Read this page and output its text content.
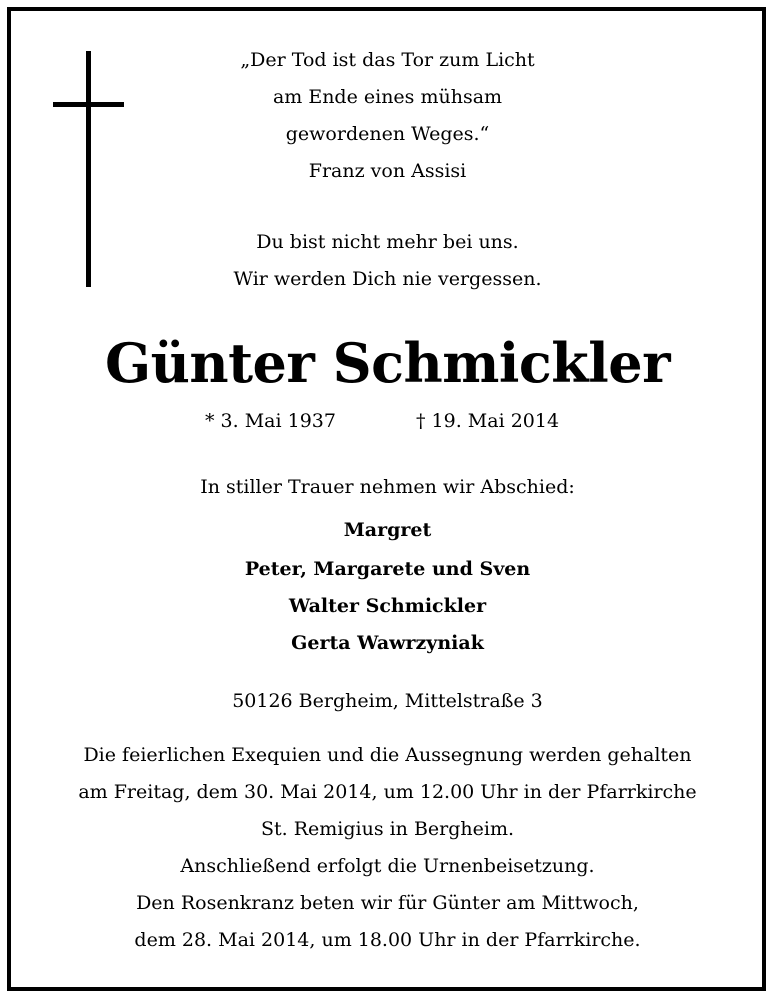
„Der Tod ist das Tor zum Licht
am Ende eines mühsam
gewordenen Weges.“
Franz von Assisi
Du bist nicht mehr bei uns.
Wir werden Dich nie vergessen.
Günter Schmickler
* 3. Mai 1937	† 19. Mai 2014
In stiller Trauer nehmen wir Abschied:
Margret
Peter, Margarete und Sven
Walter Schmickler
Gerta Wawrzyniak
50126 Bergheim, Mittelstraße 3
Die feierlichen Exequien und die Aussegnung werden gehalten
am Freitag, dem 30. Mai 2014, um 12.00 Uhr in der Pfarrkirche
St. Remigius in Bergheim.
Anschließend erfolgt die Urnenbeisetzung.
Den Rosenkranz beten wir für Günter am Mittwoch,
dem 28. Mai 2014, um 18.00 Uhr in der Pfarrkirche.
